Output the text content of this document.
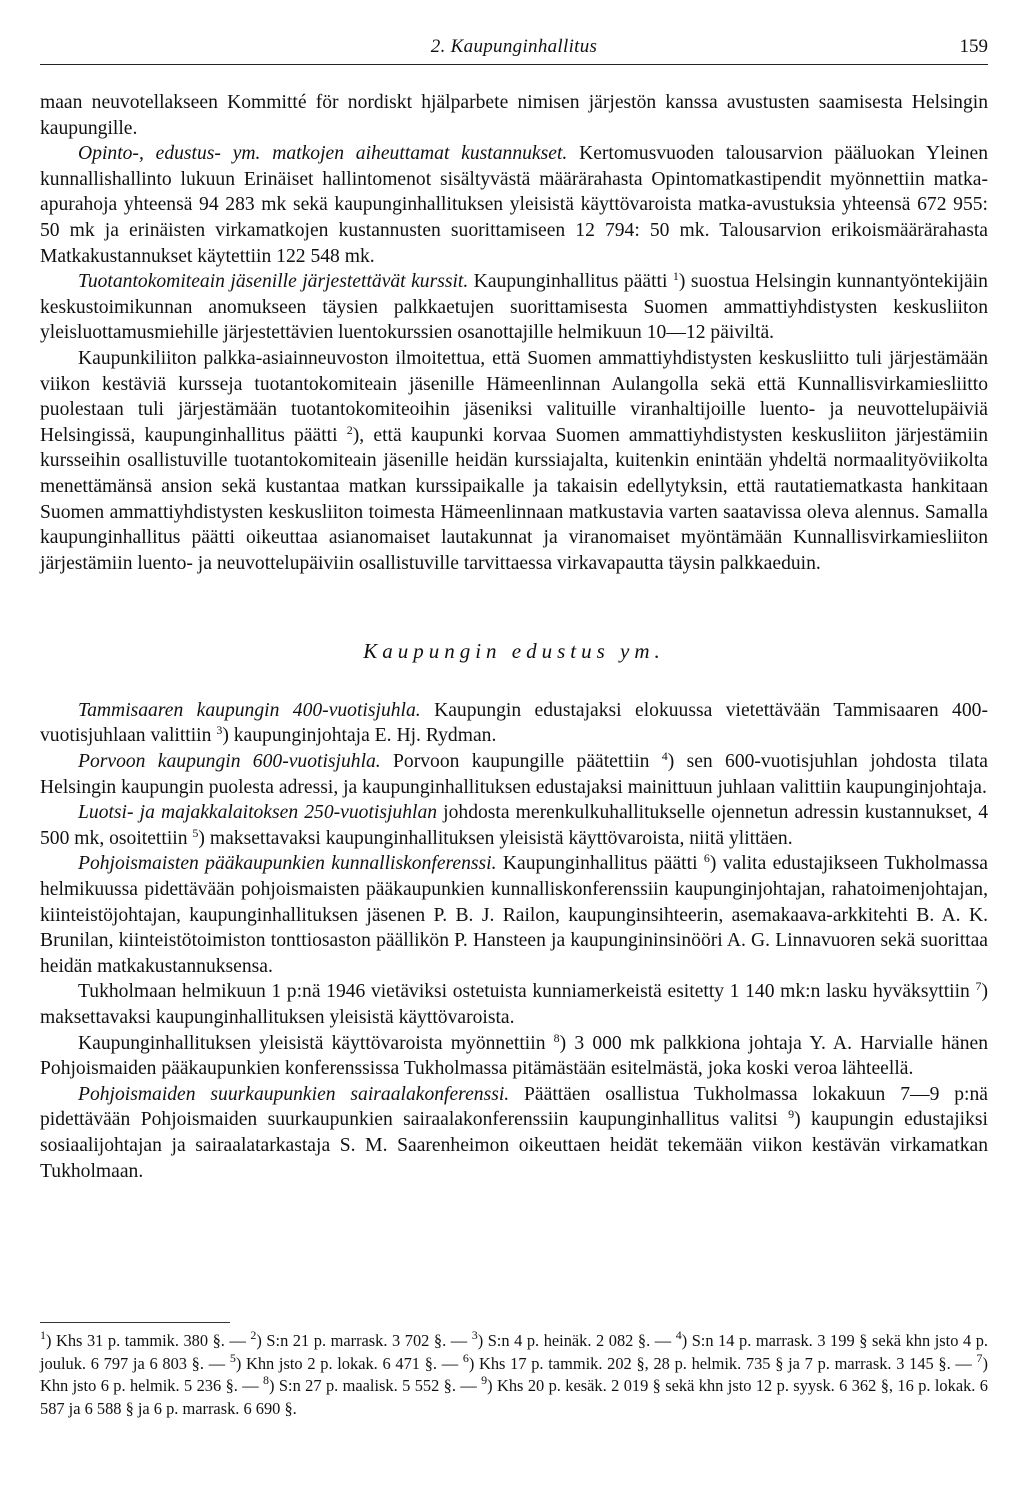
2. Kaupunginhallitus	159

maan neuvotellakseen Kommitté för nordiskt hjälparbete nimisen järjestön kanssa avustusten saamisesta Helsingin kaupungille.

Opinto-, edustus- ym. matkojen aiheuttamat kustannukset. Kertomusvuoden talousarvion pääluokan Yleinen kunnallishallinto lukuun Erinäiset hallintomenot sisältyvästä määrärahasta Opintomatkastipendit myönnettiin matka-apurahoja yhteensä 94 283 mk sekä kaupunginhallituksen yleisistä käyttövaroista matka-avustuksia yhteensä 672 955: 50 mk ja erinäisten virkamatkojen kustannusten suorittamiseen 12 794: 50 mk. Talousarvion erikoismäärärahasta Matkakustannukset käytettiin 122 548 mk.

Tuotantokomiteain jäsenille järjestettävät kurssit. Kaupunginhallitus päätti $^1$) suostua Helsingin kunnantyöntekijäin keskustoimikunnan anomukseen täysien palkkaetujen suorittamisesta Suomen ammattiyhdistysten keskusliiton yleisluottamusmiehille järjestettävien luentokurssien osanottajille helmikuun 10—12 päiviltä.

Kaupunkiliiton palkka-asiainneuvoston ilmoitettua, että Suomen ammattiyhdistysten keskusliitto tuli järjestämään viikon kestäviä kursseja tuotantokomiteain jäsenille Hämeenlinnan Aulangolla sekä että Kunnallisvirkamiesliitto puolestaan tuli järjestämään tuotantokomiteoihin jäseniksi valituille viranhaltijoille luento- ja neuvottelupäiviä Helsingissä, kaupunginhallitus päätti $^2$), että kaupunki korvaa Suomen ammattiyhdistysten keskusliiton järjestämiin kursseihin osallistuville tuotantokomiteain jäsenille heidän kurssiajalta, kuitenkin enintään yhdeltä normaalityöviikolta menettämänsä ansion sekä kustantaa matkan kurssipaikalle ja takaisin edellytyksin, että rautatiematkasta hankitaan Suomen ammattiyhdistysten keskusliiton toimesta Hämeenlinnaan matkustavia varten saatavissa oleva alennus. Samalla kaupunginhallitus päätti oikeuttaa asianomaiset lautakunnat ja viranomaiset myöntämään Kunnallisvirkamiesliiton järjestämiin luento- ja neuvottelupäiviin osallistuville tarvittaessa virkavapautta täysin palkkaeduin.

Kaupungin edustus ym.

Tammisaaren kaupungin 400-vuotisjuhla. Kaupungin edustajaksi elokuussa vietettävään Tammisaaren 400-vuotisjuhlaan valittiin $^3$) kaupunginjohtaja E. Hj. Rydman.

Porvoon kaupungin 600-vuotisjuhla. Porvoon kaupungille päätettiin $^4$) sen 600-vuotisjuhlan johdosta tilata Helsingin kaupungin puolesta adressi, ja kaupunginhallituksen edustajaksi mainittuun juhlaan valittiin kaupunginjohtaja.

Luotsi- ja majakkalaitoksen 250-vuotisjuhlan johdosta merenkulkuhallitukselle ojennetun adressin kustannukset, 4 500 mk, osoitettiin $^5$) maksettavaksi kaupunginhallituksen yleisistä käyttövaroista, niitä ylittäen.

Pohjoismaisten pääkaupunkien kunnalliskonferenssi. Kaupunginhallitus päätti $^6$) valita edustajikseen Tukholmassa helmikuussa pidettävään pohjoismaisten pääkaupunkien kunnalliskonferenssiin kaupunginjohtajan, rahatoimenjohtajan, kiinteistöjohtajan, kaupunginhallituksen jäsenen P. B. J. Railon, kaupunginsihteerin, asemakaava-arkkitehti B. A. K. Brunilan, kiinteistötoimiston tonttiosaston päällikön P. Hansteen ja kaupungininsinööri A. G. Linnavuoren sekä suorittaa heidän matkakustannuksensa.

Tukholmaan helmikuun 1 p:nä 1946 vietäviksi ostetuista kunniamerkeistä esitetty 1 140 mk:n lasku hyväksyttiin $^7$) maksettavaksi kaupunginhallituksen yleisistä käyttövaroista.

Kaupunginhallituksen yleisistä käyttövaroista myönnettiin $^8$) 3 000 mk palkkiona johtaja Y. A. Harvialle hänen Pohjoismaiden pääkaupunkien konferenssissa Tukholmassa pitämästään esitelmästä, joka koski veroa lähteellä.

Pohjoismaiden suurkaupunkien sairaalakonferenssi. Päättäen osallistua Tukholmassa lokakuun 7—9 p:nä pidettävään Pohjoismaiden suurkaupunkien sairaalakonferenssiin kaupunginhallitus valitsi $^9$) kaupungin edustajiksi sosiaalijohtajan ja sairaalatarkastaja S. M. Saarenheimon oikeuttaen heidät tekemään viikon kestävän virkamatkan Tukholmaan.

$^1$) Khs 31 p. tammik. 380 §. — $^2$) S:n 21 p. marrask. 3 702 §. — $^3$) S:n 4 p. heinäk. 2 082 §. — $^4$) S:n 14 p. marrask. 3 199 § sekä khn jsto 4 p. jouluk. 6 797 ja 6 803 §. — $^5$) Khn jsto 2 p. lokak. 6 471 §. — $^6$) Khs 17 p. tammik. 202 §, 28 p. helmik. 735 § ja 7 p. marrask. 3 145 §. — $^7$) Khn jsto 6 p. helmik. 5 236 §. — $^8$) S:n 27 p. maalisk. 5 552 §. — $^9$) Khs 20 p. kesäk. 2 019 § sekä khn jsto 12 p. syysk. 6 362 §, 16 p. lokak. 6 587 ja 6 588 § ja 6 p. marrask. 6 690 §.
